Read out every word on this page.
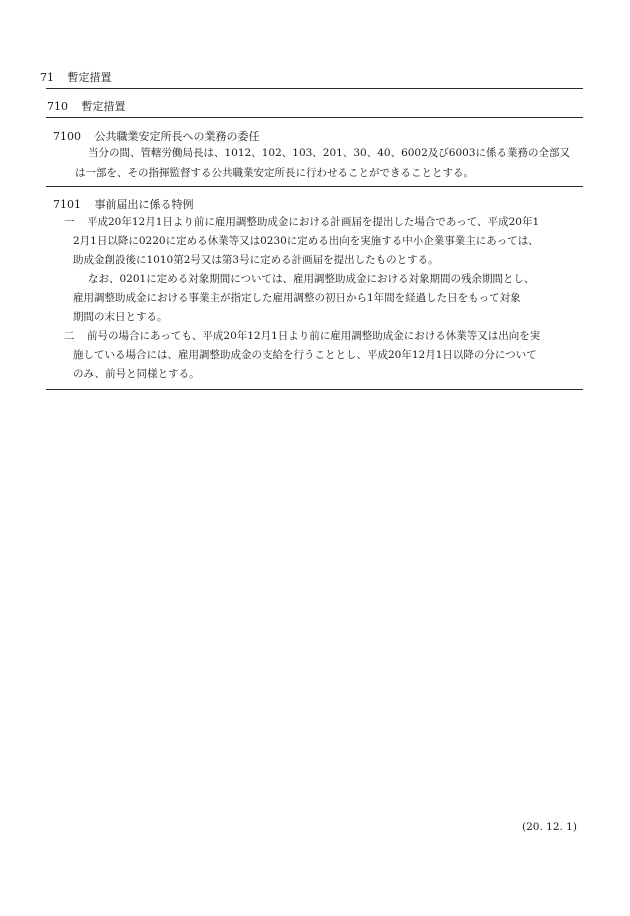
71 暫定措置
710 暫定措置
7100 公共職業安定所長への業務の委任
当分の間、管轄労働局長は、1012、102、103、201、30、40、6002及び6003に係る業務の全部又
は一部を、その指揮監督する公共職業安定所長に行わせることができることとする。
7101 事前届出に係る特例
一 平成20年12月1日より前に雇用調整助成金における計画届を提出した場合であって、平成20年1
2月1日以降に0220に定める休業等又は0230に定める出向を実施する中小企業事業主にあっては、
助成金創設後に1010第2号又は第3号に定める計画届を提出したものとする。
なお、0201に定める対象期間については、雇用調整助成金における対象期間の残余期間とし、
雇用調整助成金における事業主が指定した雇用調整の初日から1年間を経過した日をもって対象
期間の末日とする。
二 前号の場合にあっても、平成20年12月1日より前に雇用調整助成金における休業等又は出向を実
施している場合には、雇用調整助成金の支給を行うこととし、平成20年12月1日以降の分について
のみ、前号と同様とする。
(20. 12. 1)
